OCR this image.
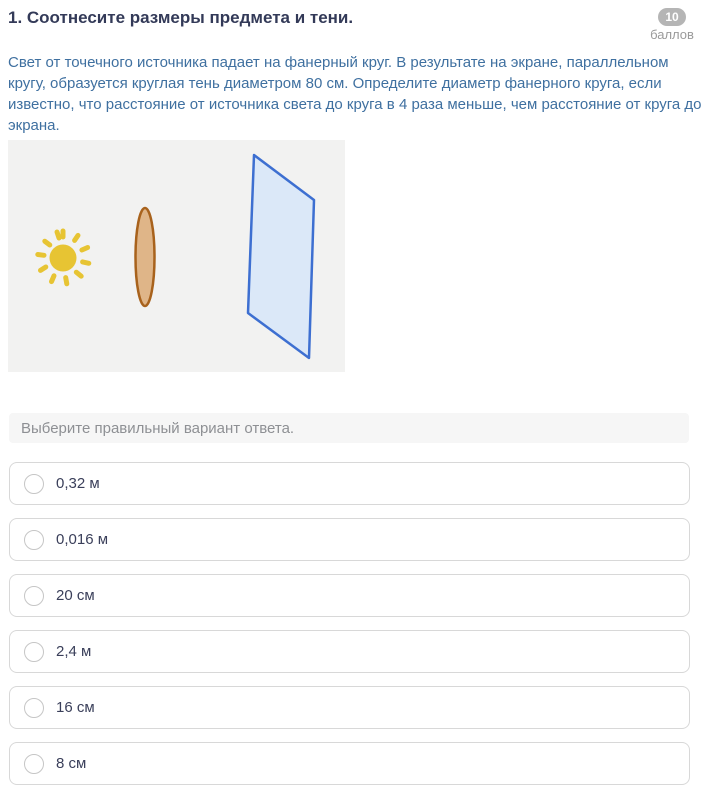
1. Соотнесите размеры предмета и тени.	10
баллов
Свет от точечного источника падает на фанерный круг. В результате на экране, параллельном кругу, образуется круглая тень диаметром 80 см. Определите диаметр фанерного круга, если известно, что расстояние от источника света до круга в 4 раза меньше, чем расстояние от круга до экрана.
Выберите правильный вариант ответа.
0,32 м
0,016 м
20 см
2,4 м
16 см
8 см
